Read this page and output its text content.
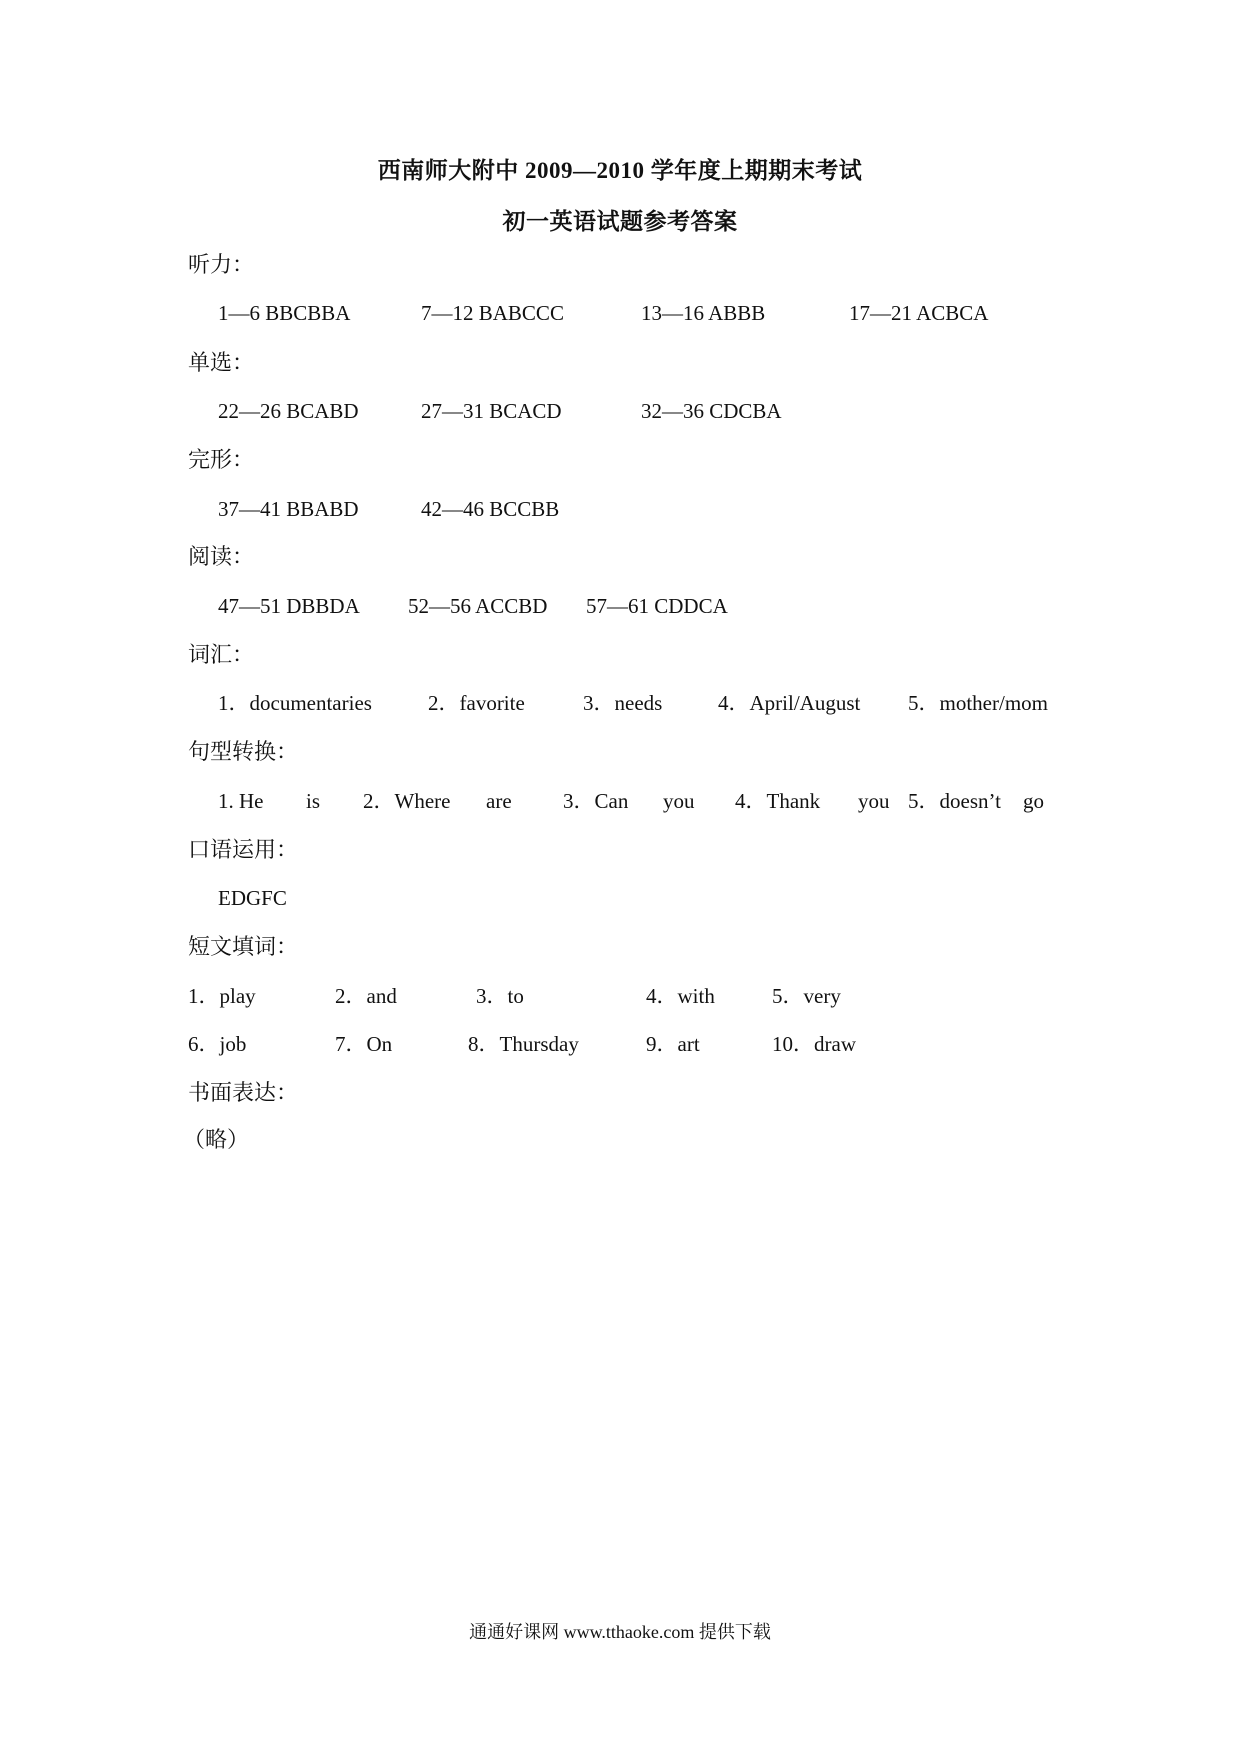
西南师大附中 2009—2010 学年度上期期末考试
初一英语试题参考答案
听力：
1—6 BBCBBA	7—12 BABCCC	13—16 ABBB	17—21 ACBCA
单选：
22—26 BCABD	27—31 BCACD	32—36 CDCBA
完形：
37—41 BBABD	42—46 BCCBB
阅读：
47—51 DBBDA 52—56 ACCBD 57—61 CDDCA
词汇：
1．documentaries	2．favorite	3．needs	4．April/August 5．mother/mom
句型转换：
1. He is 2．Where are 3．Can you 4．Thank you 5．doesn’t go
口语运用：
EDGFC
短文填词：
1．play	2．and	3．to	4．with	5．very
6．job	7．On	8．Thursday	9．art	10．draw
书面表达：
（略）
通通好课网 www.tthaoke.com 提供下载
